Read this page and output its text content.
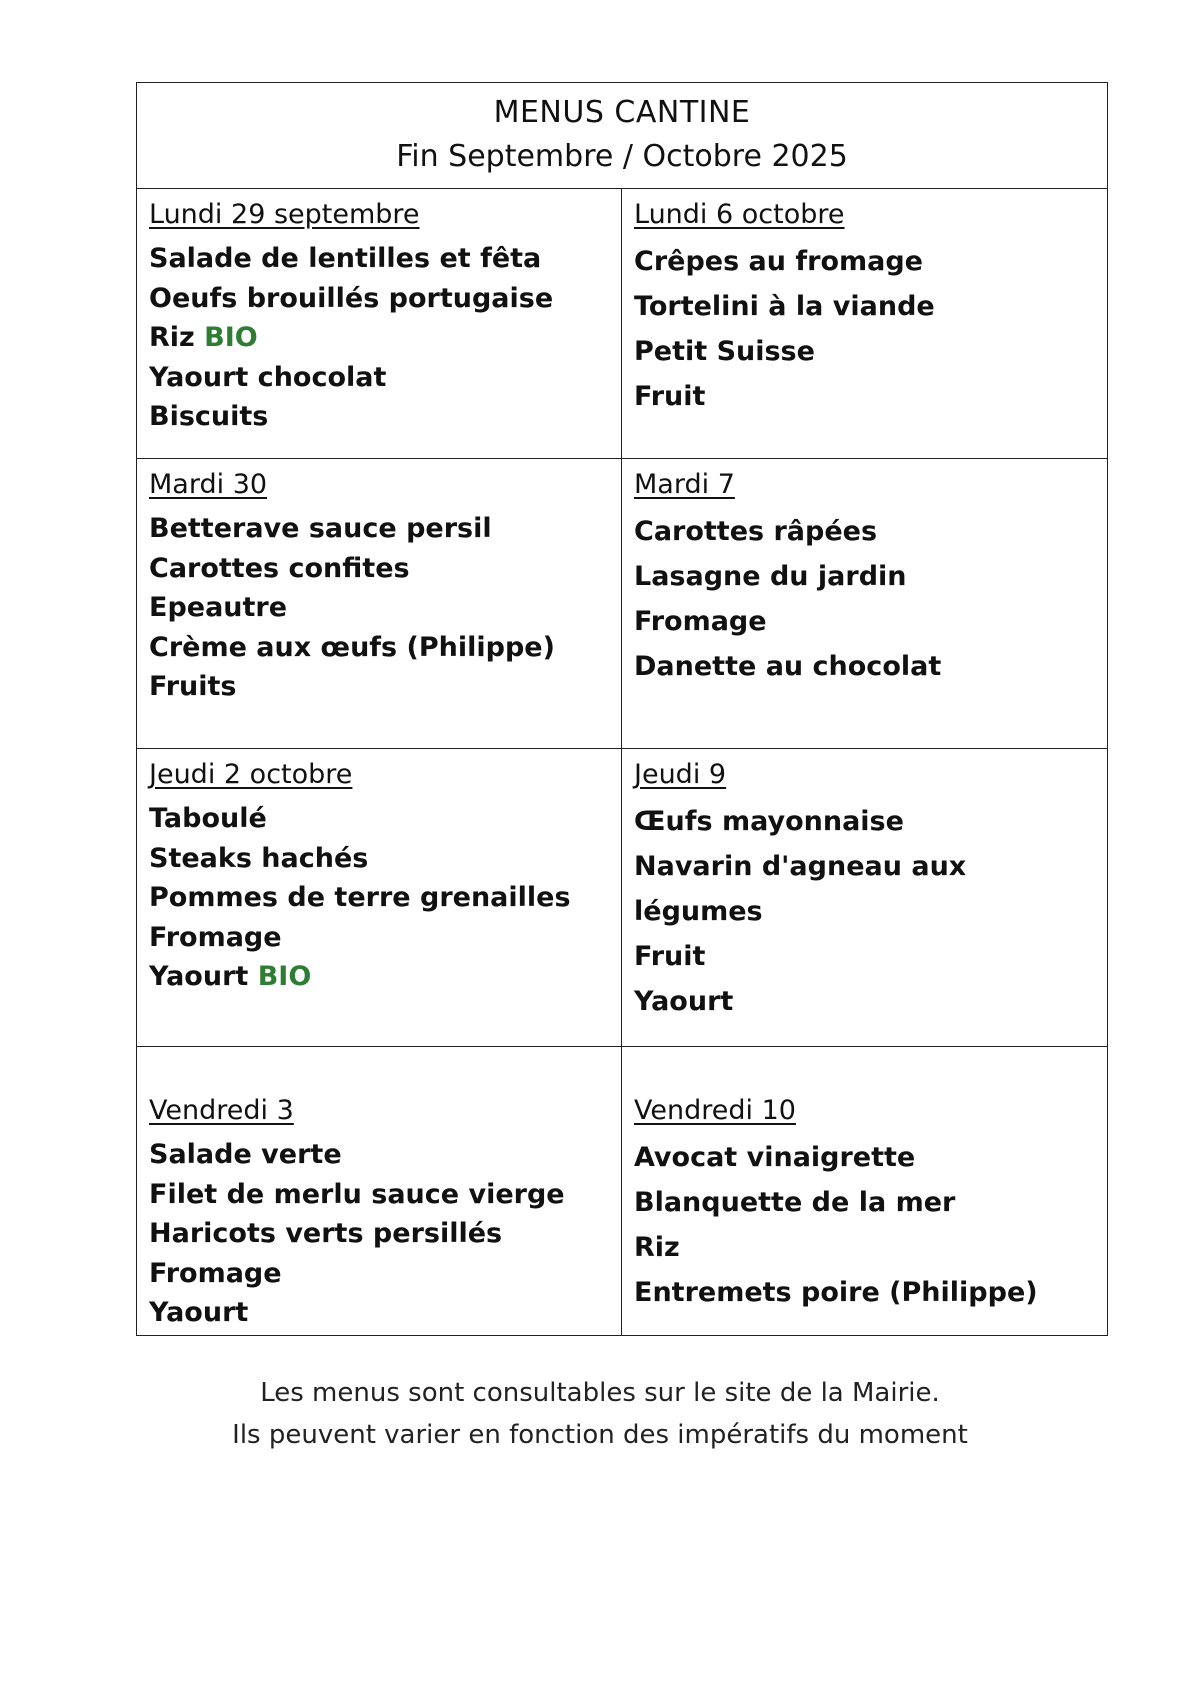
MENUS CANTINE
Fin Septembre / Octobre 2025
Lundi 29 septembre
Salade de lentilles et fêta
Oeufs brouillés portugaise
Riz BIO
Yaourt chocolat
Biscuits
Lundi 6 octobre
Crêpes au fromage
Tortelini à la viande
Petit Suisse
Fruit
Mardi 30
Betterave sauce persil
Carottes confites
Epeautre
Crème aux œufs (Philippe)
Fruits
Mardi 7
Carottes râpées
Lasagne du jardin
Fromage
Danette au chocolat
Jeudi 2 octobre
Taboulé
Steaks hachés
Pommes de terre grenailles
Fromage
Yaourt BIO
Jeudi 9
Œufs mayonnaise
Navarin d'agneau aux légumes
Fruit
Yaourt
Vendredi 3
Salade verte
Filet de merlu sauce vierge
Haricots verts persillés
Fromage
Yaourt
Vendredi 10
Avocat vinaigrette
Blanquette de la mer
Riz
Entremets poire (Philippe)
Les menus sont consultables sur le site de la Mairie.
Ils peuvent varier en fonction des impératifs du moment
